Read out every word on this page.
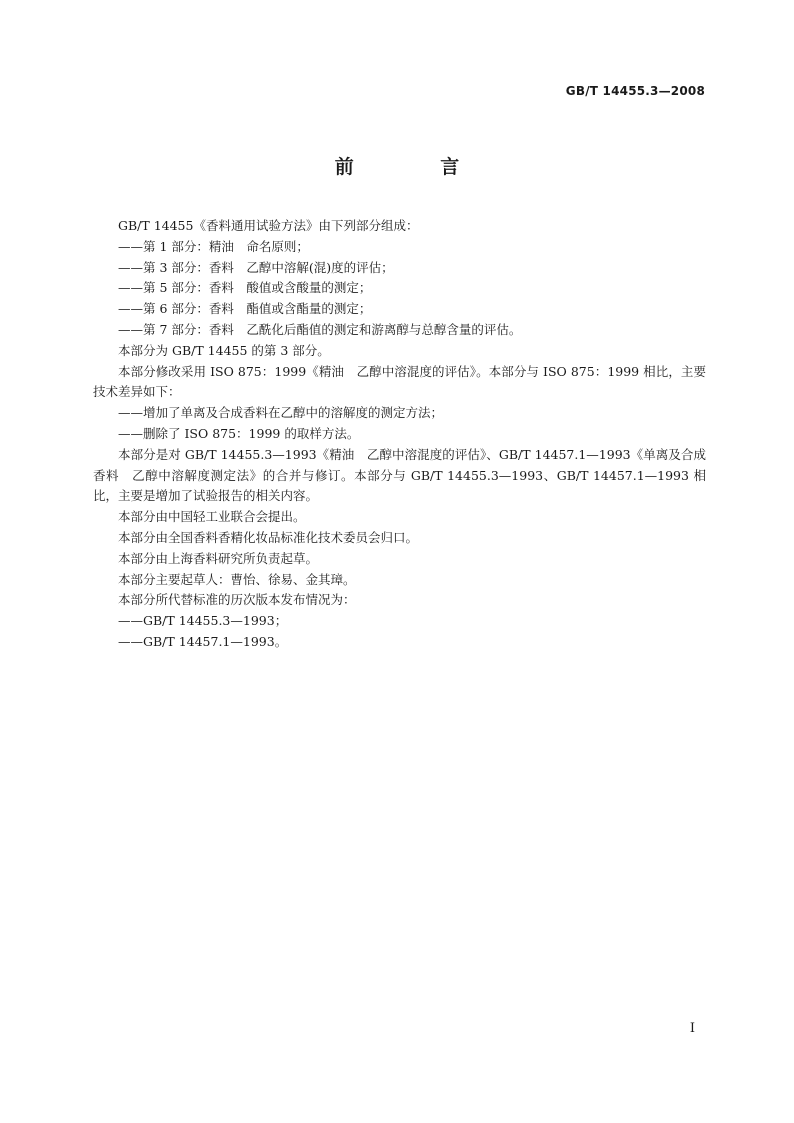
GB/T 14455.3—2008
前 言

GB/T 14455《香料通用试验方法》由下列部分组成：

——第 1 部分：精油　命名原则；

——第 3 部分：香料　乙醇中溶解(混)度的评估；

——第 5 部分：香料　酸值或含酸量的测定；

——第 6 部分：香料　酯值或含酯量的测定；

——第 7 部分：香料　乙酰化后酯值的测定和游离醇与总醇含量的评估。

本部分为 GB/T 14455 的第 3 部分。

本部分修改采用 ISO 875：1999《精油　乙醇中溶混度的评估》。本部分与 ISO 875：1999 相比，主要技术差异如下：

——增加了单离及合成香料在乙醇中的溶解度的测定方法；

——删除了 ISO 875：1999 的取样方法。

本部分是对 GB/T 14455.3—1993《精油　乙醇中溶混度的评估》、GB/T 14457.1—1993《单离及合成香料　乙醇中溶解度测定法》的合并与修订。本部分与 GB/T 14455.3—1993、GB/T 14457.1—1993 相比，主要是增加了试验报告的相关内容。

本部分由中国轻工业联合会提出。

本部分由全国香料香精化妆品标准化技术委员会归口。

本部分由上海香料研究所负责起草。

本部分主要起草人：曹怡、徐易、金其璋。

本部分所代替标准的历次版本发布情况为：

——GB/T 14455.3—1993；

——GB/T 14457.1—1993。

I
